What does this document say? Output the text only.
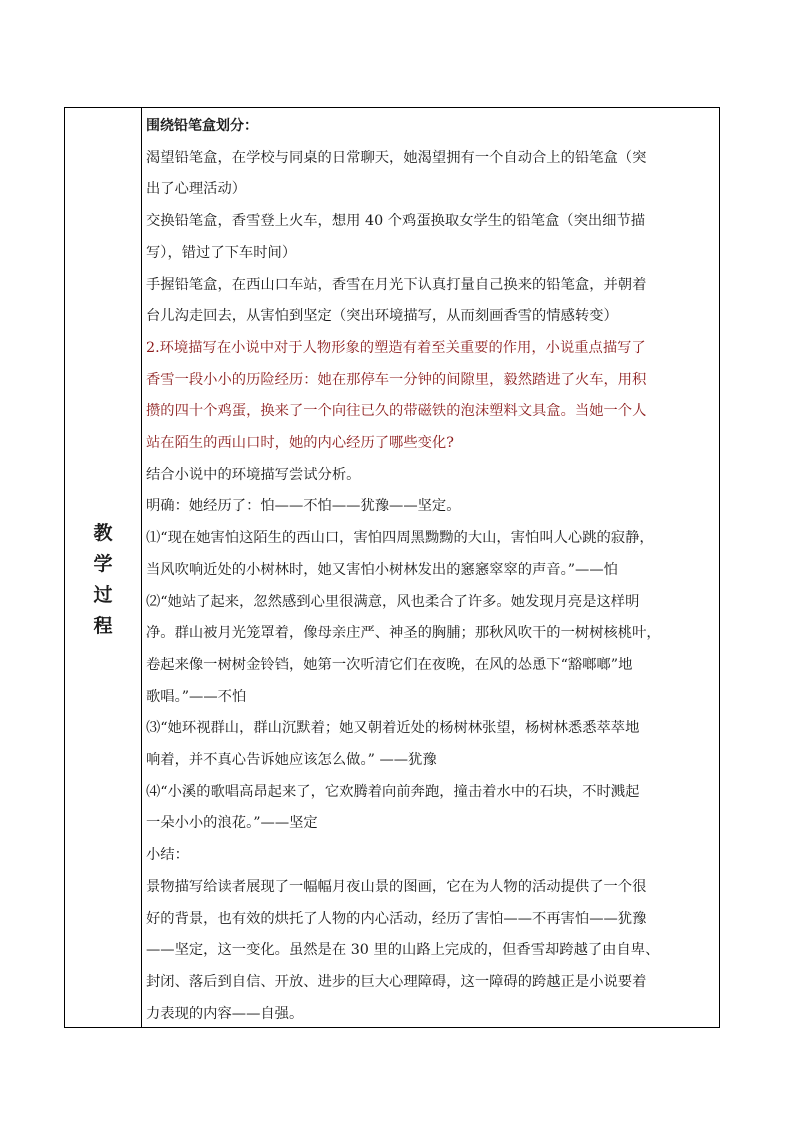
教
学
过
程
围绕铅笔盒划分：
渴望铅笔盒，在学校与同桌的日常聊天，她渴望拥有一个自动合上的铅笔盒（突
出了心理活动）
交换铅笔盒，香雪登上火车，想用 40 个鸡蛋换取女学生的铅笔盒（突出细节描
写），错过了下车时间）
手握铅笔盒，在西山口车站，香雪在月光下认真打量自己换来的铅笔盒，并朝着
台儿沟走回去，从害怕到坚定（突出环境描写，从而刻画香雪的情感转变）
2.环境描写在小说中对于人物形象的塑造有着至关重要的作用，小说重点描写了
香雪一段小小的历险经历：她在那停车一分钟的间隙里，毅然踏进了火车，用积
攒的四十个鸡蛋，换来了一个向往已久的带磁铁的泡沫塑料文具盒。当她一个人
站在陌生的西山口时，她的内心经历了哪些变化?
结合小说中的环境描写尝试分析。
明确：她经历了：怕——不怕——犹豫——坚定。
⑴“现在她害怕这陌生的西山口，害怕四周黑黝黝的大山，害怕叫人心跳的寂静，
当风吹响近处的小树林时，她又害怕小树林发出的窸窸窣窣的声音。”——怕
⑵“她站了起来，忽然感到心里很满意，风也柔合了许多。她发现月亮是这样明
净。群山被月光笼罩着，像母亲庄严、神圣的胸脯；那秋风吹干的一树树核桃叶，
卷起来像一树树金铃铛，她第一次听清它们在夜晚，在风的怂恿下“豁啷啷”地
歌唱。”——不怕
⑶“她环视群山，群山沉默着；她又朝着近处的杨树林张望，杨树林悉悉萃萃地
响着，并不真心告诉她应该怎么做。” ——犹豫
⑷“小溪的歌唱高昂起来了，它欢腾着向前奔跑，撞击着水中的石块，不时溅起
一朵小小的浪花。”——坚定
小结：
景物描写给读者展现了一幅幅月夜山景的图画，它在为人物的活动提供了一个很
好的背景，也有效的烘托了人物的内心活动，经历了害怕——不再害怕——犹豫
——坚定，这一变化。虽然是在 30 里的山路上完成的，但香雪却跨越了由自卑、
封闭、落后到自信、开放、进步的巨大心理障碍，这一障碍的跨越正是小说要着
力表现的内容——自强。
